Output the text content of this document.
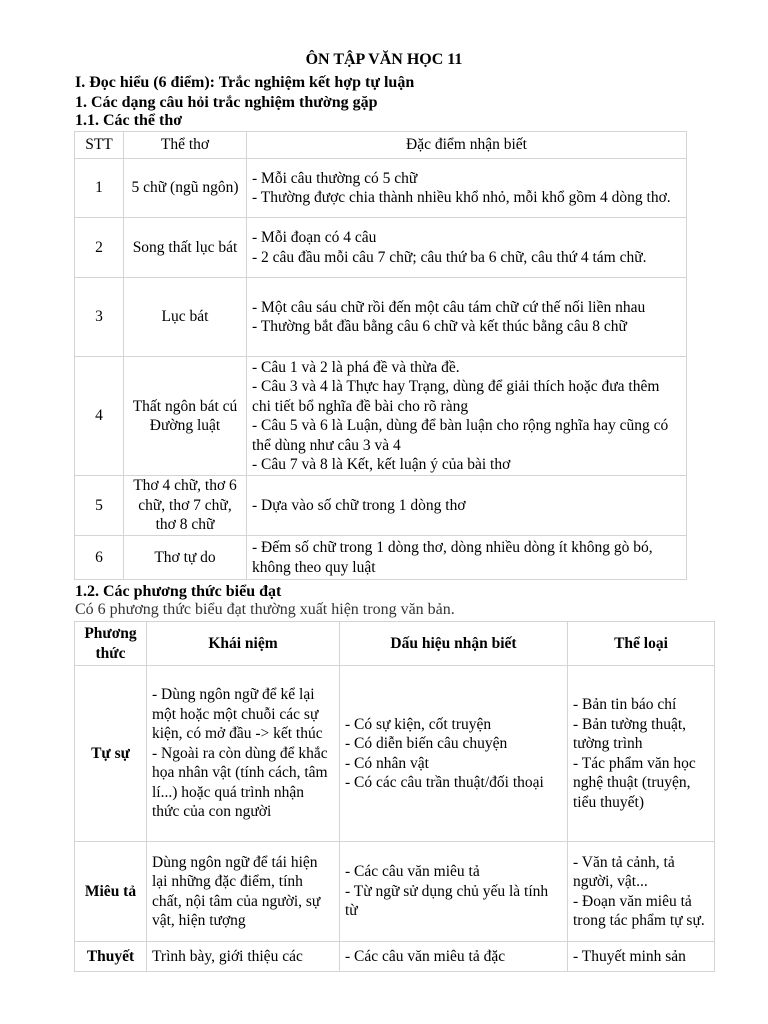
ÔN TẬP VĂN HỌC 11
I. Đọc hiểu (6 điểm): Trắc nghiệm kết hợp tự luận
1. Các dạng câu hỏi trắc nghiệm thường gặp
1.1. Các thể thơ
STT	Thể thơ	Đặc điểm nhận biết
1	5 chữ (ngũ ngôn)	- Mỗi câu thường có 5 chữ
- Thường được chia thành nhiều khổ nhỏ, mỗi khổ gồm 4 dòng thơ.

2	Song thất lục bát	- Mỗi đoạn có 4 câu
- 2 câu đầu mỗi câu 7 chữ; câu thứ ba 6 chữ, câu thứ 4 tám chữ.

3	Lục bát	- Một câu sáu chữ rồi đến một câu tám chữ cứ thế nối liền nhau
- Thường bắt đầu bằng câu 6 chữ và kết thúc bằng câu 8 chữ

4	Thất ngôn bát cú Đường luật	- Câu 1 và 2 là phá đề và thừa đề.
- Câu 3 và 4 là Thực hay Trạng, dùng để giải thích hoặc đưa thêm chi tiết bổ nghĩa đề bài cho rõ ràng
- Câu 5 và 6 là Luận, dùng để bàn luận cho rộng nghĩa hay cũng có thể dùng như câu 3 và 4
- Câu 7 và 8 là Kết, kết luận ý của bài thơ

5	Thơ 4 chữ, thơ 6 chữ, thơ 7 chữ, thơ 8 chữ	- Dựa vào số chữ trong 1 dòng thơ

6	Thơ tự do	- Đếm số chữ trong 1 dòng thơ, dòng nhiều dòng ít không gò bó, không theo quy luật
1.2. Các phương thức biểu đạt
Có 6 phương thức biểu đạt thường xuất hiện trong văn bản.
Phương thức	Khái niệm	Dấu hiệu nhận biết	Thể loại
Tự sự	- Dùng ngôn ngữ để kể lại một hoặc một chuỗi các sự kiện, có mở đầu -> kết thúc
- Ngoài ra còn dùng để khắc họa nhân vật (tính cách, tâm lí...) hoặc quá trình nhận thức của con người	- Có sự kiện, cốt truyện
- Có diễn biến câu chuyện
- Có nhân vật
- Có các câu trần thuật/đối thoại	- Bản tin báo chí
- Bản tường thuật, tường trình
- Tác phẩm văn học nghệ thuật (truyện, tiểu thuyết)

Miêu tả	Dùng ngôn ngữ để tái hiện lại những đặc điểm, tính chất, nội tâm của người, sự vật, hiện tượng	- Các câu văn miêu tả
- Từ ngữ sử dụng chủ yếu là tính từ	- Văn tả cảnh, tả người, vật...
- Đoạn văn miêu tả trong tác phẩm tự sự.

Thuyết	Trình bày, giới thiệu các	- Các câu văn miêu tả đặc	- Thuyết minh sản
